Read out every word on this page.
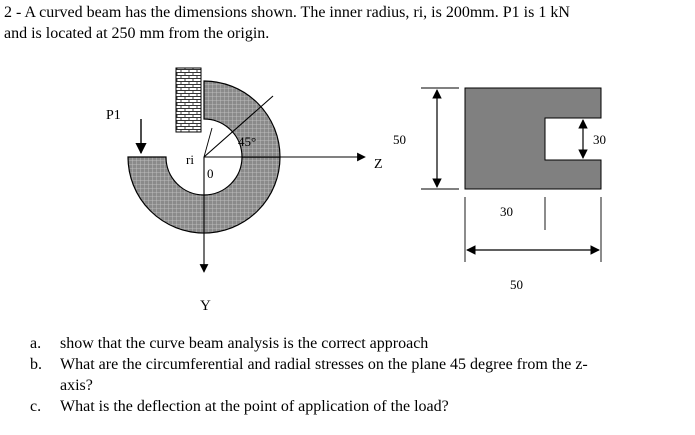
2 - A curved beam has the dimensions shown. The inner radius, ri, is 200mm. P1 is 1 kN
and is located at 250 mm from the origin.
P1
45°
ri
0
Z
Y
50	30
30
50
a. show that the curve beam analysis is the correct approach
b. What are the circumferential and radial stresses on the plane 45 degree from the z-
axis?
c. What is the deflection at the point of application of the load?
